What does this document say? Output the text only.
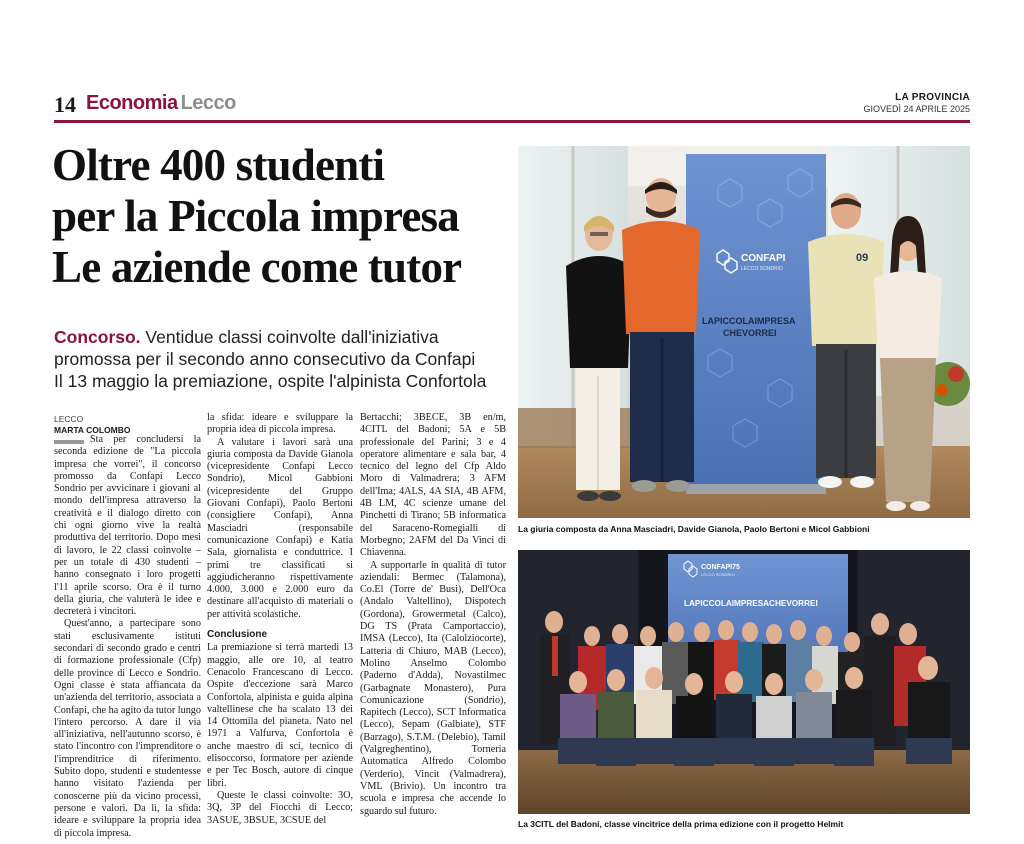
14 Economia Lecco	LA PROVINCIA
GIOVEDÌ 24 APRILE 2025
Oltre 400 studenti
per la Piccola impresa
Le aziende come tutor
Concorso. Ventidue classi coinvolte dall'iniziativa
promossa per il secondo anno consecutivo da Confapi
Il 13 maggio la premiazione, ospite l'alpinista Confortola
LECCO
MARTA COLOMBO

Sta per concludersi la seconda edizione de "La piccola impresa che vorrei", il concorso promosso da Confapi Lecco Sondrio per avvicinare i giovani al mondo dell'impresa attraverso la creatività e il dialogo diretto con chi ogni giorno vive la realtà produttiva del territorio. Dopo mesi di lavoro, le 22 classi coinvolte – per un totale di 430 studenti – hanno consegnato i loro progetti l'11 aprile scorso. Ora è il turno della giuria, che valuterà le idee e decreterà i vincitori.

Quest'anno, a partecipare sono stati esclusivamente istituti secondari di secondo grado e centri di formazione professionale (Cfp) delle province di Lecco e Sondrio. Ogni classe è stata affiancata da un'azienda del territorio, associata a Confapi, che ha agito da tutor lungo l'intero percorso. A dare il via all'iniziativa, nell'autunno scorso, è stato l'incontro con l'imprenditore o l'imprenditrice di riferimento. Subito dopo, studenti e studentesse hanno visitato l'azienda per conoscerne più da vicino processi, persone e valori. Da lì, la sfida: ideare e sviluppare la propria idea di piccola impresa.

la sfida: ideare e sviluppare la propria idea di piccola impresa.

A valutare i lavori sarà una giuria composta da Davide Gianola (vicepresidente Confapi Lecco Sondrio), Micol Gabbioni (vicepresidente del Gruppo Giovani Confapi), Paolo Bertoni (consigliere Confapi), Anna Masciadri (responsabile comunicazione Confapi) e Katia Sala, giornalista e conduttrice. I primi tre classificati si aggiudicheranno rispettivamente 4.000, 3.000 e 2.000 euro da destinare all'acquisto di materiali o per attività scolastiche.

Conclusione

La premiazione si terrà martedì 13 maggio, alle ore 10, al teatro Cenacolo Francescano di Lecco. Ospite d'eccezione sarà Marco Confortola, alpinista e guida alpina valtellinese che ha scalato 13 dei 14 Ottomila del pianeta. Nato nel 1971 a Valfurva, Confortola è anche maestro di sci, tecnico di elisoccorso, formatore per aziende e per Tec Bosch, autore di cinque libri.

Queste le classi coinvolte: 3O, 3Q, 3P del Fiocchi di Lecco; 3ASUE, 3BSUE, 3CSUE del

Bertacchi; 3BECE, 3B en/m, 4CITL del Badoni; 5A e 5B professionale del Parini; 3 e 4 operatore alimentare e sala bar, 4 tecnico del legno del Cfp Aldo Moro di Valmadrera; 3 AFM dell'Ima; 4ALS, 4A SIA, 4B AFM, 4B LM, 4C scienze umane del Pinchetti di Tirano; 5B informatica del Saraceno-Romegialli di Morbegno; 2AFM del Da Vinci di Chiavenna.

A supportarle in qualità di tutor aziendali: Bermec (Talamona), Co.El (Torre de' Busi), Dell'Oca (Andalo Valtellino), Dispotech (Gordona), Growermetal (Calco), DG TS (Prata Camportaccio), IMSA (Lecco), Ita (Calolziocorte), Latteria di Chiuro, MAB (Lecco), Molino Anselmo Colombo (Paderno d'Adda), Novastilmec (Garbagnate Monastero), Pura Comunicazione (Sondrio), Rapitech (Lecco), SCT Informatica (Lecco), Sepam (Galbiate), STF (Barzago), S.T.M. (Delebio), Tamil (Valgreghentino), Torneria Automatica Alfredo Colombo (Verderio), Vincit (Valmadrera), VML (Brivio). Un incontro tra scuola e impresa che accende lo sguardo sul futuro.

CONFAPI
LECCO SONDRIO
LAPICCOLAIMPRESA
CHEVORREI
09
La giuria composta da Anna Masciadri, Davide Gianola, Paolo Bertoni e Micol Gabbioni
CONFAPI75
LECCO SONDRIO
LAPICCOLAIMPRESACHEVORREI
La 3CITL del Badoni, classe vincitrice della prima edizione con il progetto Helmit
